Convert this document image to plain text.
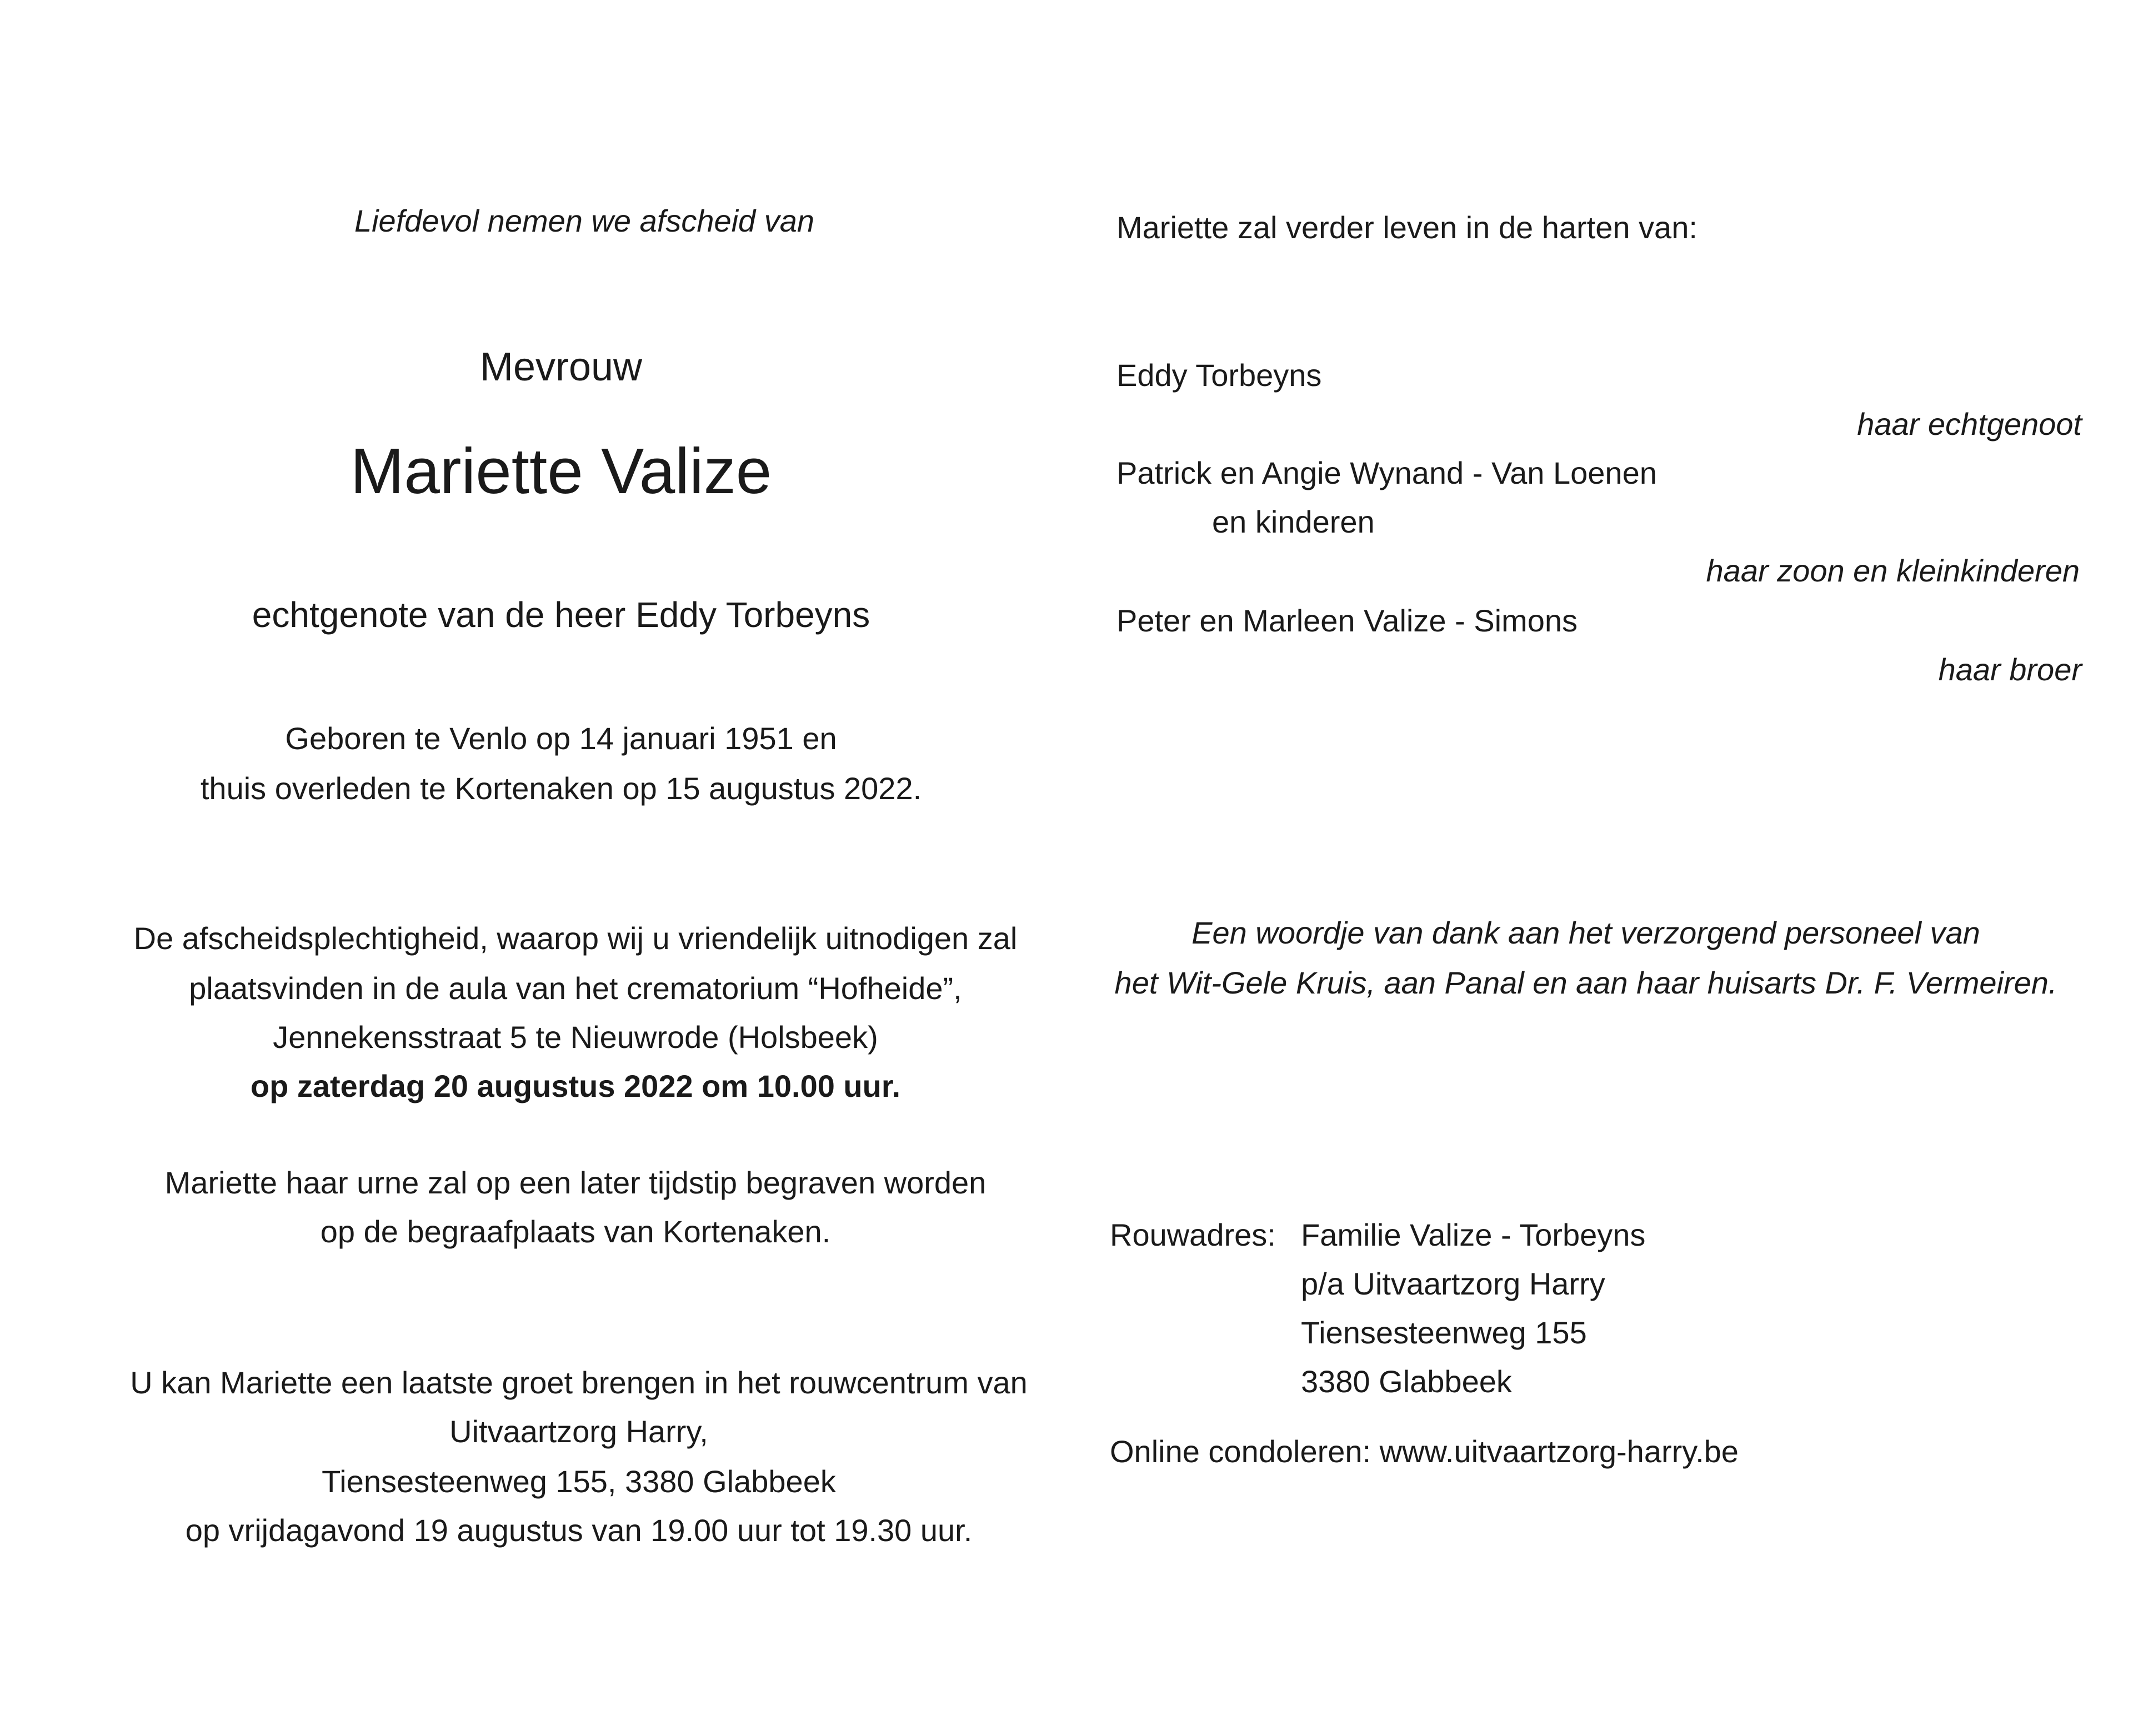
Liefdevol nemen we afscheid van

Mevrouw

Mariette Valize

echtgenote van de heer Eddy Torbeyns

Geboren te Venlo op 14 januari 1951 en

thuis overleden te Kortenaken op 15 augustus 2022.

De afscheidsplechtigheid, waarop wij u vriendelijk uitnodigen zal

plaatsvinden in de aula van het crematorium “Hofheide”,

Jennekensstraat 5 te Nieuwrode (Holsbeek)

op zaterdag 20 augustus 2022 om 10.00 uur.

Mariette haar urne zal op een later tijdstip begraven worden

op de begraafplaats van Kortenaken.

U kan Mariette een laatste groet brengen in het rouwcentrum van

Uitvaartzorg Harry,

Tiensesteenweg 155, 3380 Glabbeek

op vrijdagavond 19 augustus van 19.00 uur tot 19.30 uur.

Mariette zal verder leven in de harten van:

Eddy Torbeyns

haar echtgenoot

Patrick en Angie Wynand - Van Loenen

en kinderen

haar zoon en kleinkinderen

Peter en Marleen Valize - Simons

haar broer

Een woordje van dank aan het verzorgend personeel van

het Wit-Gele Kruis, aan Panal en aan haar huisarts Dr. F. Vermeiren.

Rouwadres: Familie Valize - Torbeyns

p/a Uitvaartzorg Harry

Tiensesteenweg 155

3380 Glabbeek

Online condoleren: www.uitvaartzorg-harry.be
